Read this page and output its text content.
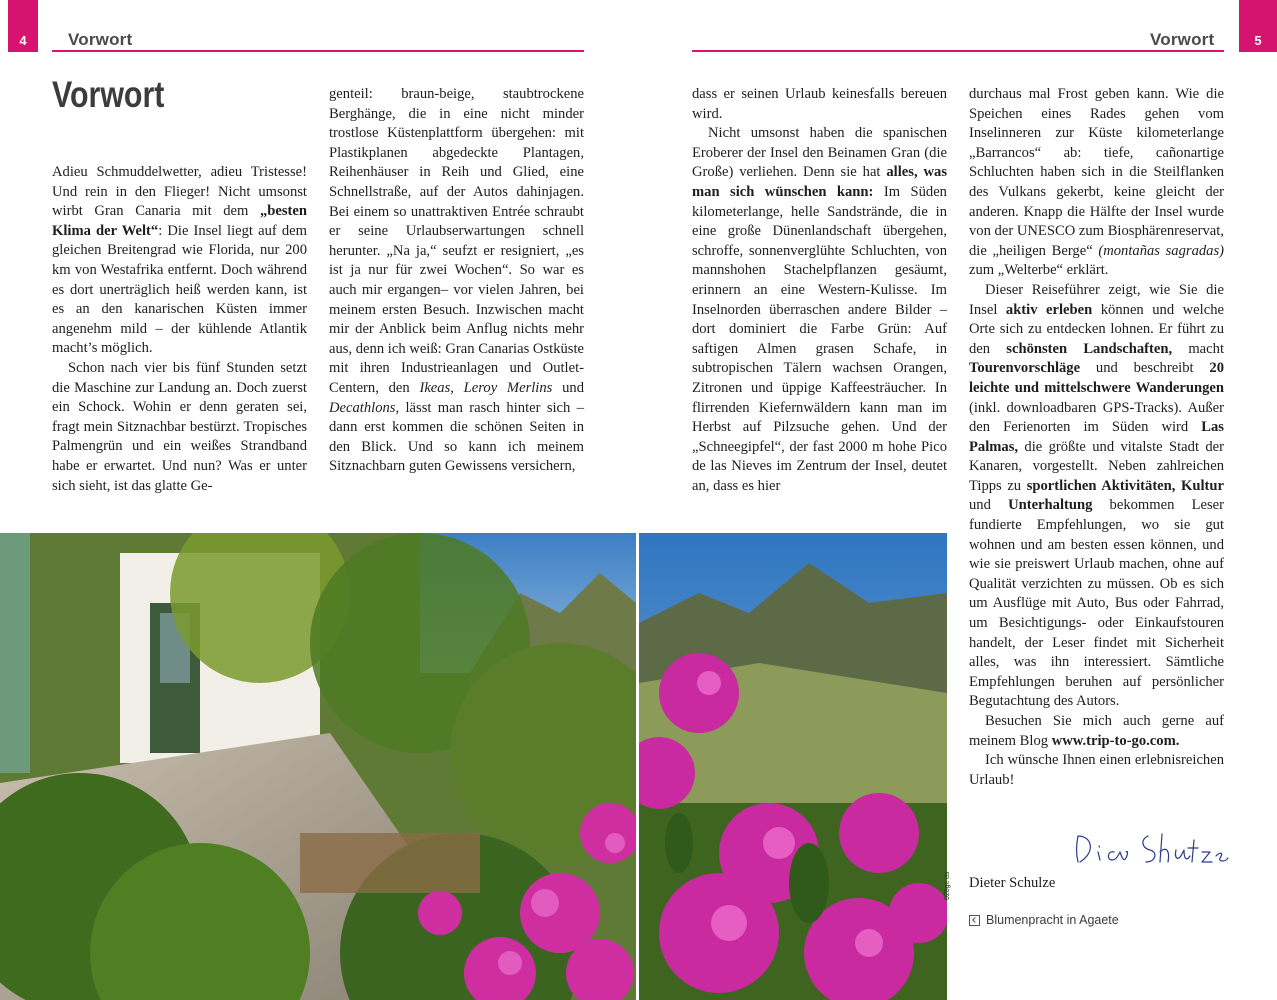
4	Vorwort	5
Vorwort
Vorwort

Adieu Schmuddelwetter, adieu Tristesse! Und rein in den Flieger! Nicht umsonst wirbt Gran Canaria mit dem „besten Klima der Welt“: Die Insel liegt auf dem gleichen Breitengrad wie Florida, nur 200 km von Westafrika entfernt. Doch während es dort unerträglich heiß werden kann, ist es an den kanarischen Küsten immer angenehm mild – der kühlende Atlantik macht’s möglich.

Schon nach vier bis fünf Stunden setzt die Maschine zur Landung an. Doch zuerst ein Schock. Wohin er denn geraten sei, fragt mein Sitznachbar bestürzt. Tropisches Palmengrün und ein weißes Strandband habe er erwartet. Und nun? Was er unter sich sieht, ist das glatte Ge-

genteil: braun-beige, staubtrockene Berghänge, die in eine nicht minder trostlose Küstenplattform übergehen: mit Plastikplanen abgedeckte Plantagen, Reihenhäuser in Reih und Glied, eine Schnellstraße, auf der Autos dahinjagen. Bei einem so unattraktiven Entrée schraubt er seine Urlaubserwartungen schnell herunter. „Na ja,“ seufzt er resigniert, „es ist ja nur für zwei Wochen“. So war es auch mir ergangen– vor vielen Jahren, bei meinem ersten Besuch. Inzwischen macht mir der Anblick beim Anflug nichts mehr aus, denn ich weiß: Gran Canarias Ostküste mit ihren Industrieanlagen und Outlet-Centern, den Ikeas, Leroy Merlins und Decathlons, lässt man rasch hinter sich – dann erst kommen die schönen Seiten in den Blick. Und so kann ich meinem Sitznachbarn guten Gewissens versichern,

dass er seinen Urlaub keinesfalls bereuen wird.

Nicht umsonst haben die spanischen Eroberer der Insel den Beinamen Gran (die Große) verliehen. Denn sie hat alles, was man sich wünschen kann: Im Süden kilometerlange, helle Sandstrände, die in eine große Dünenlandschaft übergehen, schroffe, sonnenverglühte Schluchten, von mannshohen Stachelpflanzen gesäumt, erinnern an eine Western-Kulisse. Im Inselnorden überraschen andere Bilder – dort dominiert die Farbe Grün: Auf saftigen Almen grasen Schafe, in subtropischen Tälern wachsen Orangen, Zitronen und üppige Kaffeesträucher. In flirrenden Kiefernwäldern kann man im Herbst auf Pilzsuche gehen. Und der „Schneegipfel“, der fast 2000 m hohe Pico de las Nieves im Zentrum der Insel, deutet an, dass es hier

durchaus mal Frost geben kann. Wie die Speichen eines Rades gehen vom Inselinneren zur Küste kilometerlange „Barrancos“ ab: tiefe, cañonartige Schluchten haben sich in die Steilflanken des Vulkans gekerbt, keine gleicht der anderen. Knapp die Hälfte der Insel wurde von der UNESCO zum Biosphärenreservat, die „heiligen Berge“ (montañas sagradas) zum „Welterbe“ erklärt.

Dieser Reiseführer zeigt, wie Sie die Insel aktiv erleben können und welche Orte sich zu entdecken lohnen. Er führt zu den schönsten Landschaften, macht Tourenvorschläge und beschreibt 20 leichte und mittelschwere Wanderungen (inkl. downloadbaren GPS-Tracks). Außer den Ferienorten im Süden wird Las Palmas, die größte und vitalste Stadt der Kanaren, vorgestellt. Neben zahlreichen Tipps zu sportlichen Aktivitäten, Kultur und Unterhaltung bekommen Leser fundierte Empfehlungen, wo sie gut wohnen und am besten essen können, und wie sie preiswert Urlaub machen, ohne auf Qualität verzichten zu müssen. Ob es sich um Ausflüge mit Auto, Bus oder Fahrrad, um Besichtigungs- oder Einkaufstouren handelt, der Leser findet mit Sicherheit alles, was ihn interessiert. Sämtliche Empfehlungen beruhen auf persönlicher Begutachtung des Autors.

Besuchen Sie mich auch gerne auf meinem Blog www.trip-to-go.com.

Ich wünsche Ihnen einen erlebnisreichen Urlaub!

Dieter Schulze
026gc ds
Blumenpracht in Agaete
